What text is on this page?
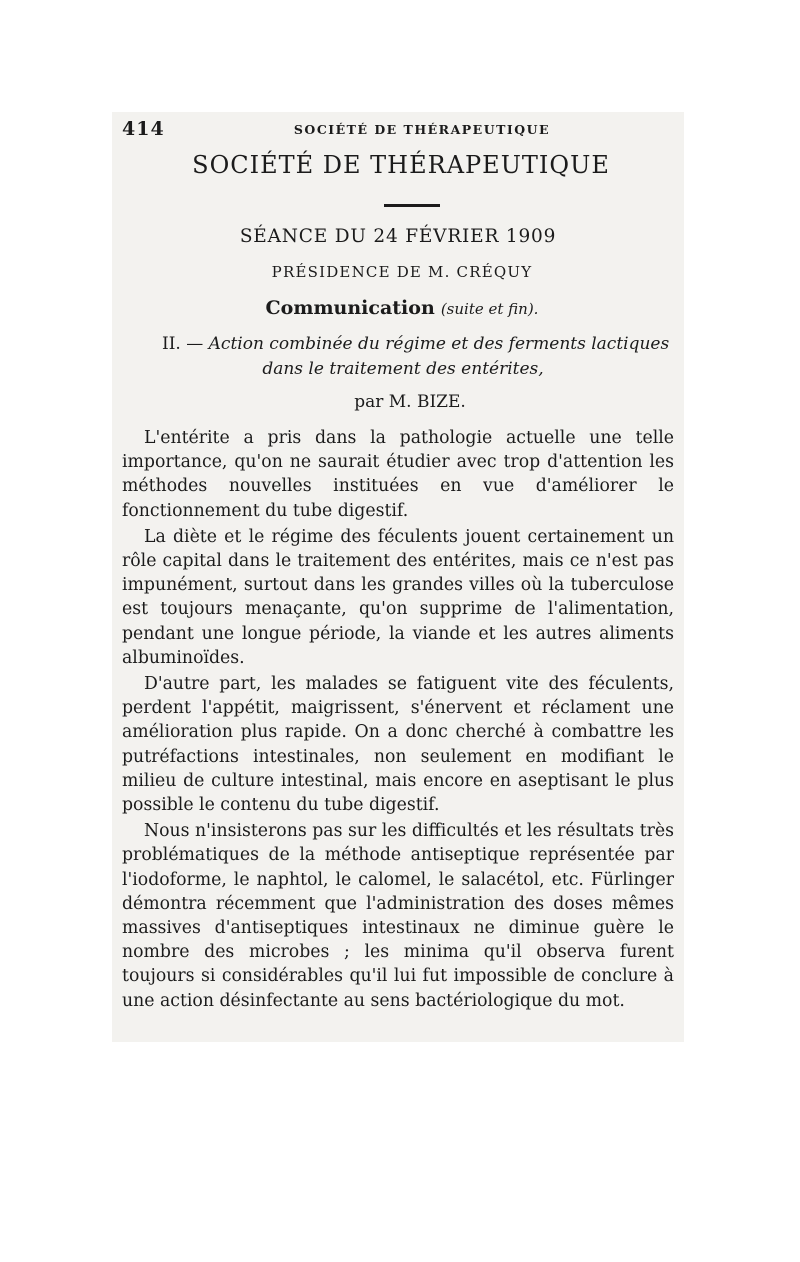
414	SOCIÉTÉ DE THÉRAPEUTIQUE
SOCIÉTÉ DE THÉRAPEUTIQUE
SÉANCE DU 24 FÉVRIER 1909
PRÉSIDENCE DE M. CRÉQUY
Communication (suite et fin).
II. — Action combinée du régime et des ferments lactiques
dans le traitement des entérites,
par M. BIZE.

L'entérite a pris dans la pathologie actuelle une telle importance, qu'on ne saurait étudier avec trop d'attention les méthodes nouvelles instituées en vue d'améliorer le fonctionnement du tube digestif.

La diète et le régime des féculents jouent certainement un rôle capital dans le traitement des entérites, mais ce n'est pas impunément, surtout dans les grandes villes où la tuberculose est toujours menaçante, qu'on supprime de l'alimentation, pendant une longue période, la viande et les autres aliments albuminoïdes.

D'autre part, les malades se fatiguent vite des féculents, perdent l'appétit, maigrissent, s'énervent et réclament une amélioration plus rapide. On a donc cherché à combattre les putréfactions intestinales, non seulement en modifiant le milieu de culture intestinal, mais encore en aseptisant le plus possible le contenu du tube digestif.

Nous n'insisterons pas sur les difficultés et les résultats très problématiques de la méthode antiseptique représentée par l'iodoforme, le naphtol, le calomel, le salacétol, etc. Fürlinger démontra récemment que l'administration des doses mêmes massives d'antiseptiques intestinaux ne diminue guère le nombre des microbes ; les minima qu'il observa furent toujours si considérables qu'il lui fut impossible de conclure à une action désinfectante au sens bactériologique du mot.
